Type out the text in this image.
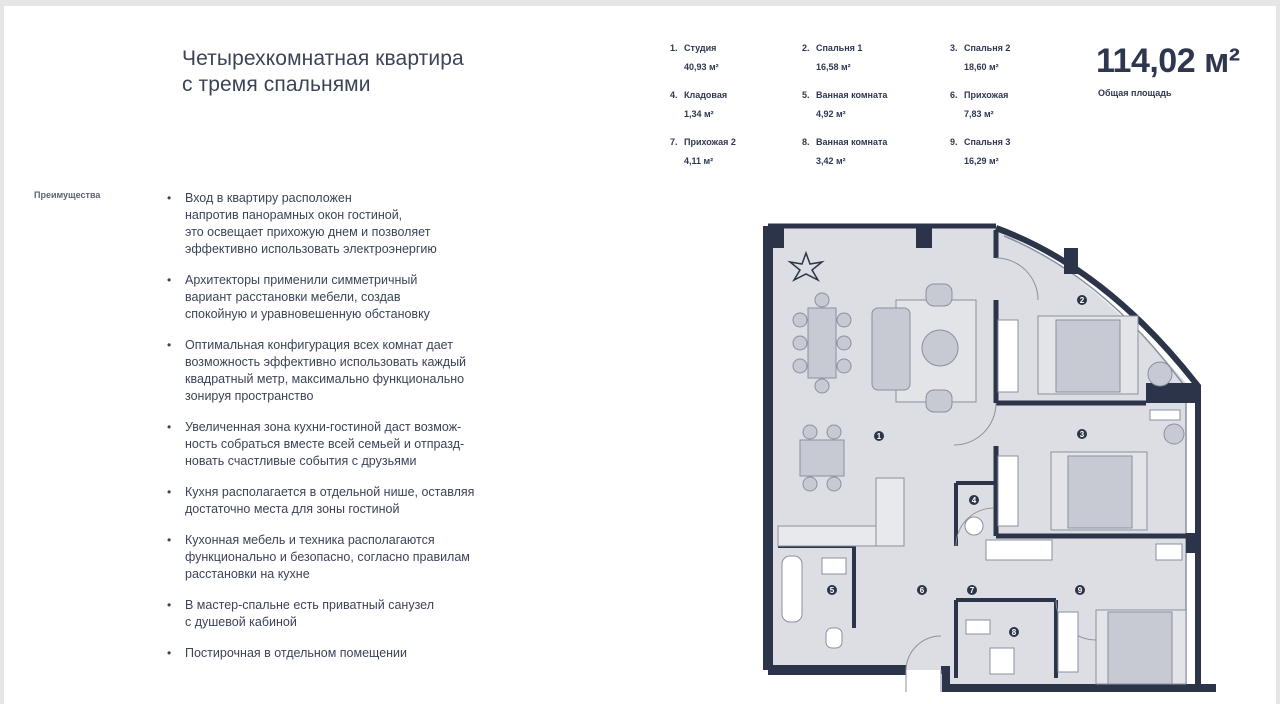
Четырехкомнатная квартира
с тремя спальнями
1. Студия
40,93 м²
2. Спальня 1
16,58 м²
3. Спальня 2
18,60 м²
4. Кладовая
1,34 м²
5. Ванная комната
4,92 м²
6. Прихожая
7,83 м²
7. Прихожая 2
4,11 м²
8. Ванная комната
3,42 м²
9. Спальня 3
16,29 м²
114,02 м²
Общая площадь
Преимущества	• Вход в квартиру расположен
напротив панорамных окон гостиной,
это освещает прихожую днем и позволяет
эффективно использовать электроэнергию
• Архитекторы применили симметричный
вариант расстановки мебели, создав
спокойную и уравновешенную обстановку
• Оптимальная конфигурация всех комнат дает
возможность эффективно использовать каждый
квадратный метр, максимально функционально
зонируя пространство
• Увеличенная зона кухни-гостиной даст возмож-
ность собраться вместе всей семьей и отпразд-
новать счастливые события с друзьями
• Кухня располагается в отдельной нише, оставляя
достаточно места для зоны гостиной
• Кухонная мебель и техника располагаются
функционально и безопасно, согласно правилам
расстановки на кухне
• В мастер-спальне есть приватный санузел
с душевой кабиной
• Постирочная в отдельном помещении
1
2
3
4
5	6	7
8
9
